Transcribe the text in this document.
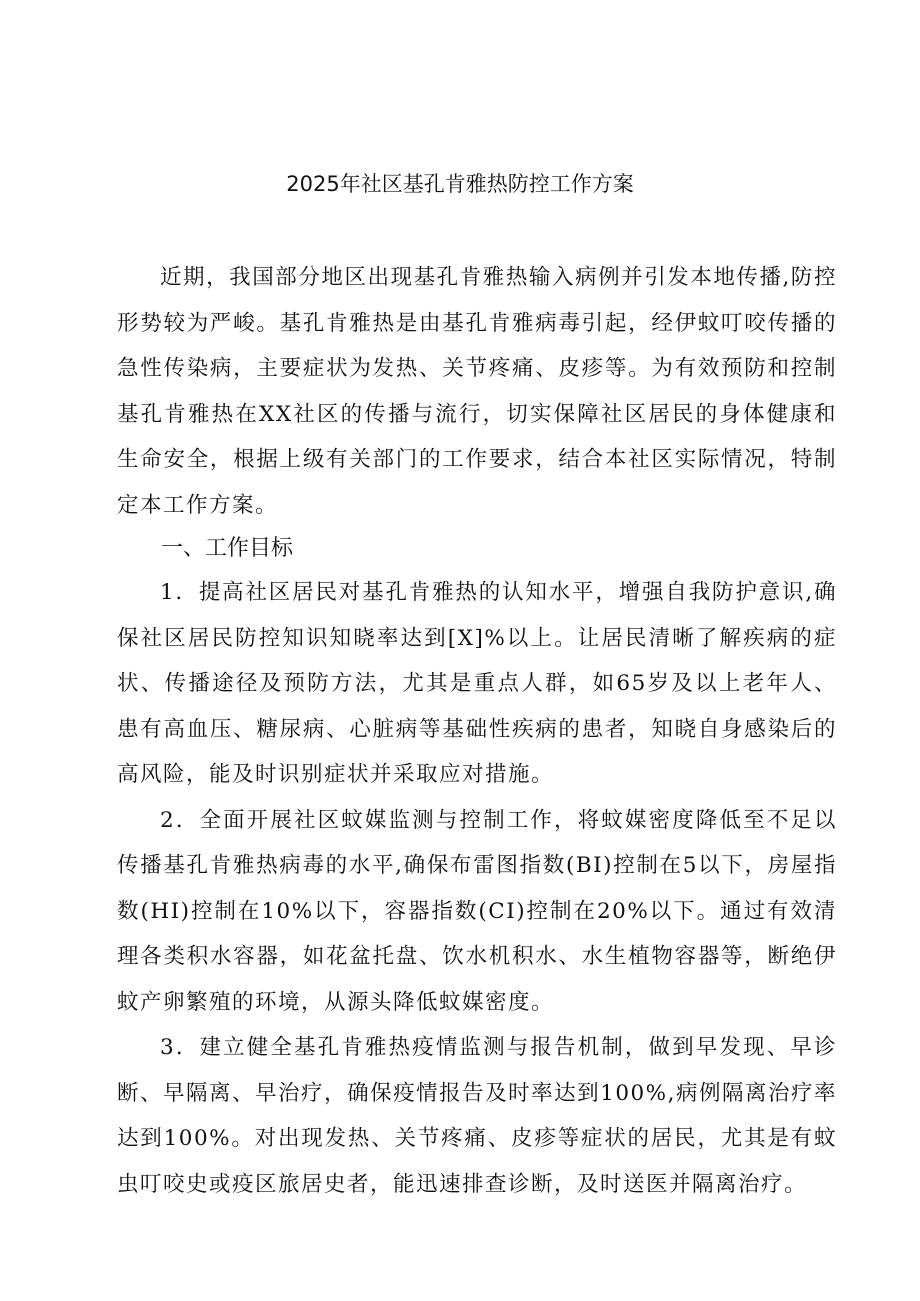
2025年社区基孔肯雅热防控工作方案

近期，我国部分地区出现基孔肯雅热输入病例并引发本地传播,防控形势较为严峻。基孔肯雅热是由基孔肯雅病毒引起，经伊蚊叮咬传播的急性传染病，主要症状为发热、关节疼痛、皮疹等。为有效预防和控制基孔肯雅热在XX社区的传播与流行，切实保障社区居民的身体健康和生命安全，根据上级有关部门的工作要求，结合本社区实际情况，特制定本工作方案。

一、工作目标

1．提高社区居民对基孔肯雅热的认知水平，增强自我防护意识,确保社区居民防控知识知晓率达到[X]%以上。让居民清晰了解疾病的症状、传播途径及预防方法，尤其是重点人群，如65岁及以上老年人、患有高血压、糖尿病、心脏病等基础性疾病的患者，知晓自身感染后的高风险，能及时识别症状并采取应对措施。

2．全面开展社区蚊媒监测与控制工作，将蚊媒密度降低至不足以传播基孔肯雅热病毒的水平,确保布雷图指数(BI)控制在5以下，房屋指数(HI)控制在10%以下，容器指数(CI)控制在20%以下。通过有效清理各类积水容器，如花盆托盘、饮水机积水、水生植物容器等，断绝伊蚊产卵繁殖的环境，从源头降低蚊媒密度。

3．建立健全基孔肯雅热疫情监测与报告机制，做到早发现、早诊断、早隔离、早治疗，确保疫情报告及时率达到100%,病例隔离治疗率达到100%。对出现发热、关节疼痛、皮疹等症状的居民，尤其是有蚊虫叮咬史或疫区旅居史者，能迅速排查诊断，及时送医并隔离治疗。
